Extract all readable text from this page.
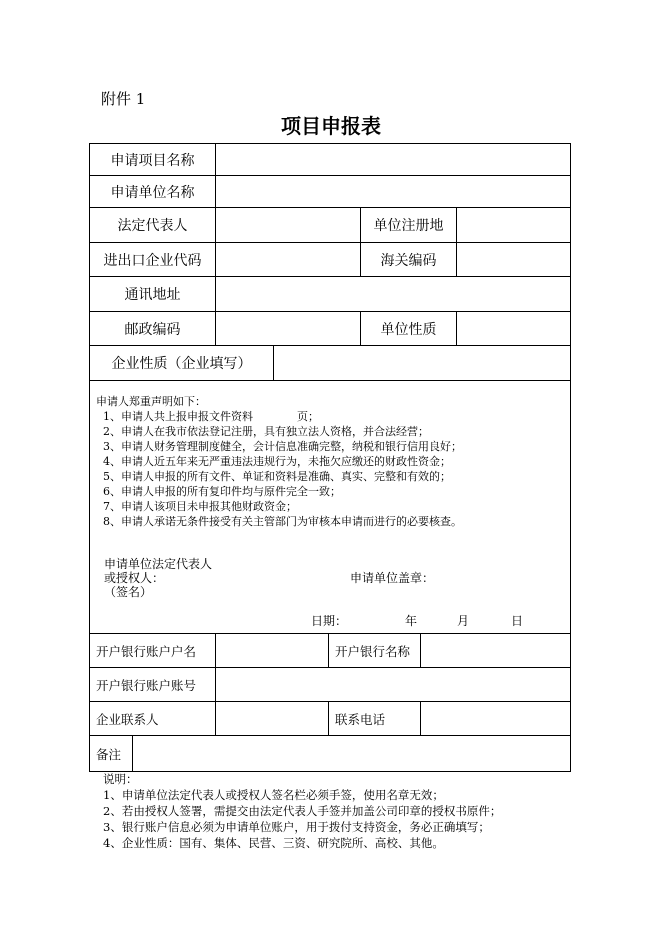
附件 1
项目申报表
申请项目名称
申请单位名称
法定代表人	单位注册地
进出口企业代码	海关编码
通讯地址
邮政编码	单位性质
企业性质（企业填写）
申请人郑重声明如下：
1、申请人共上报申报文件资料　　　　页；
2、申请人在我市依法登记注册，具有独立法人资格，并合法经营；
3、申请人财务管理制度健全，会计信息准确完整，纳税和银行信用良好；
4、申请人近五年来无严重违法违规行为，未拖欠应缴还的财政性资金；
5、申请人申报的所有文件、单证和资料是准确、真实、完整和有效的；
6、申请人申报的所有复印件均与原件完全一致；
7、申请人该项目未申报其他财政资金；
8、申请人承诺无条件接受有关主管部门为审核本申请而进行的必要核查。
申请单位法定代表人
或授权人：
（签名）
申请单位盖章：
日期：	年	月	日
开户银行账户户名	开户银行名称
开户银行账户账号
企业联系人	联系电话
备注
说明：
1、申请单位法定代表人或授权人签名栏必须手签，使用名章无效；
2、若由授权人签署，需提交由法定代表人手签并加盖公司印章的授权书原件；
3、银行账户信息必须为申请单位账户，用于拨付支持资金，务必正确填写；
4、企业性质：国有、集体、民营、三资、研究院所、高校、其他。
